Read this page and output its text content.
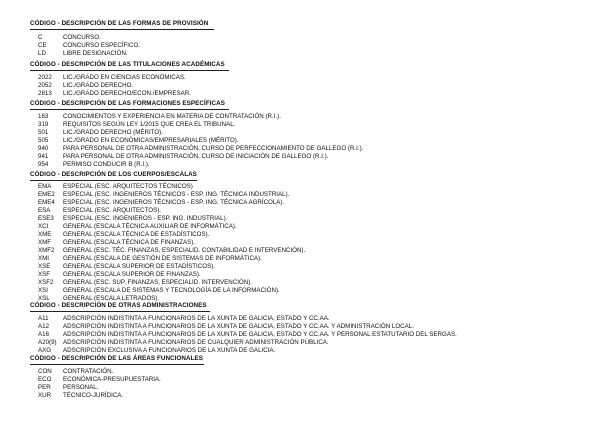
CÓDIGO - DESCRIPCIÓN DE LAS FORMAS DE PROVISIÓN
C	CONCURSO.
CE	CONCURSO ESPECÍFICO.
LD	LIBRE DESIGNACIÓN.
CÓDIGO - DESCRIPCIÓN DE LAS TITULACIONES ACADÉMICAS
2022 LIC./GRADO EN CIENCIAS ECONÓMICAS.
2052 LIC./GRADO DERECHO.
2813 LIC./GRADO DERECHO/ECON./EMPRESAR.
CÓDIGO - DESCRIPCIÓN DE LAS FORMACIONES ESPECÍFICAS
163 CONOCIMIENTOS Y EXPERIENCIA EN MATERIA DE CONTRATACIÓN (R.I.).
319 REQUISITOS SEGÚN LEY 1/2015 QUE CREA EL TRIBUNAL.
501 LIC./GRADO DERECHO (MÉRITO).
505 LIC./GRADO EN ECONÓMICAS/EMPRESARIALES (MÉRITO).
940 PARA PERSONAL DE OTRA ADMINISTRACIÓN, CURSO DE PERFECCIONAMIENTO DE GALLEGO (R.I.).
941 PARA PERSONAL DE OTRA ADMINISTRACIÓN, CURSO DE INICIACIÓN DE GALLEGO (R.I.).
954 PERMISO CONDUCIR B (R.I.).
CÓDIGO - DESCRIPCIÓN DE LOS CUERPOS/ESCALAS
EMA ESPECIAL (ESC. ARQUITECTOS TÉCNICOS)
EME2 ESPECIAL (ESC. INGENIEROS TÉCNICOS - ESP. ING. TÉCNICA INDUSTRIAL).
EME4 ESPECIAL (ESC. INGENIEROS TÉCNICOS - ESP. ING. TÉCNICA AGRÍCOLA).
ESA ESPECIAL (ESC. ARQUITECTOS).
ESE3 ESPECIAL (ESC. INGENIEROS - ESP. ING. INDUSTRIAL).
XCI GENERAL (ESCALA TÉCNICA AUXILIAR DE INFORMÁTICA).
XME GENERAL (ESCALA TÉCNICA DE ESTADÍSTICOS).
XMF GENERAL (ESCALA TÉCNICA DE FINANZAS).
XMF2 GENERAL (ESC. TÉC. FINANZAS, ESPECIALID. CONTABILIDAD E INTERVENCIÓN).
XMI GENERAL (ESCALA DE GESTIÓN DE SISTEMAS DE INFORMÁTICA).
XSE GENERAL (ESCALA SUPERIOR DE ESTADÍSTICOS).
XSF GENERAL (ESCALA SUPERIOR DE FINANZAS).
XSF2 GENERAL (ESC. SUP. FINANZAS, ESPECIALID. INTERVENCIÓN).
XSI GENERAL (ESCALA DE SISTEMAS Y TECNOLOGÍA DE LA INFORMACIÓN).
XSL GENERAL (ESCALA LETRADOS).
CÓDIGO - DESCRIPCIÓN DE OTRAS ADMINISTRACIONES
A11 ADSCRIPCIÓN INDISTINTA A FUNCIONARIOS DE LA XUNTA DE GALICIA, ESTADO Y CC.AA.
A12 ADSCRIPCIÓN INDISTINTA A FUNCIONARIOS DE LA XUNTA DE GALICIA, ESTADO Y CC.AA. Y ADMINISTRACIÓN LOCAL.
A16 ADSCRIPCIÓN INDISTINTA A FUNCIONARIOS DE LA XUNTA DE GALICIA, ESTADO Y CC.AA. Y PERSONAL ESTATUTARIO DEL SERGAS.
A20(9) ADSCRIPCIÓN INDISTINTA A FUNCIONARIOS DE CUALQUIER ADMINISTRACIÓN PÚBLICA.
AXG ADSCRIPCIÓN EXCLUSIVA A FUNCIONARIOS DE LA XUNTA DE GALICIA.
CÓDIGO - DESCRIPCIÓN DE LAS ÁREAS FUNCIONALES
CON CONTRATACIÓN.
ECO ECONÓMICA-PRESUPUESTARIA.
PER PERSONAL.
XUR TÉCNICO-JURÍDICA.
